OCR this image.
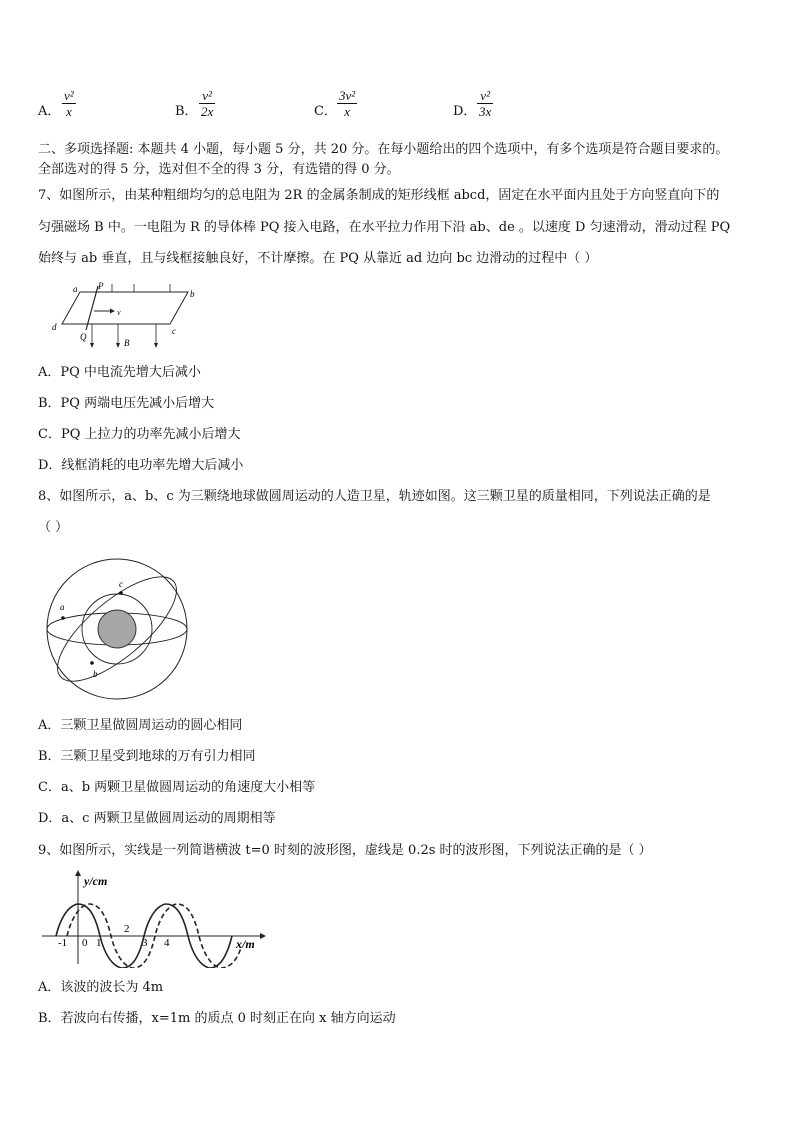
A．
v²
x	B．
v²
2x	C．
3v²
x	D．
v²
3x
二、多项选择题: 本题共 4 小题，每小题 5 分，共 20 分。在每小题给出的四个选项中，有多个选项是符合题目要求的。
全部选对的得 5 分，选对但不全的得 3 分，有选错的得 0 分。
7、如图所示，由某种粗细均匀的总电阻为 2R 的金属条制成的矩形线框 abcd，固定在水平面内且处于方向竖直向下的
匀强磁场 B 中。一电阻为 R 的导体棒 PQ 接入电路，在水平拉力作用下沿 ab、de 。以速度 D 匀速滑动，滑动过程 PQ
始终与 ab 垂直，且与线框接触良好，不计摩擦。在 PQ 从靠近 ad 边向 bc 边滑动的过程中（ ）
a	b
c
d
P
Q
v
B
A．PQ 中电流先增大后减小
B．PQ 两端电压先减小后增大
C．PQ 上拉力的功率先减小后增大
D．线框消耗的电功率先增大后减小
8、如图所示，a、b、c 为三颗绕地球做圆周运动的人造卫星，轨迹如图。这三颗卫星的质量相同，下列说法正确的是
（ ）
a
c
b
A．三颗卫星做圆周运动的圆心相同
B．三颗卫星受到地球的万有引力相同
C．a、b 两颗卫星做圆周运动的角速度大小相等
D．a、c 两颗卫星做圆周运动的周期相等
9、如图所示，实线是一列简谐横波 t=0 时刻的波形图，虚线是 0.2s 时的波形图，下列说法正确的是（ ）
y/cm
x/m
-1 0 1
2
3 4
A．该波的波长为 4m
B．若波向右传播，x=1m 的质点 0 时刻正在向 x 轴方向运动
